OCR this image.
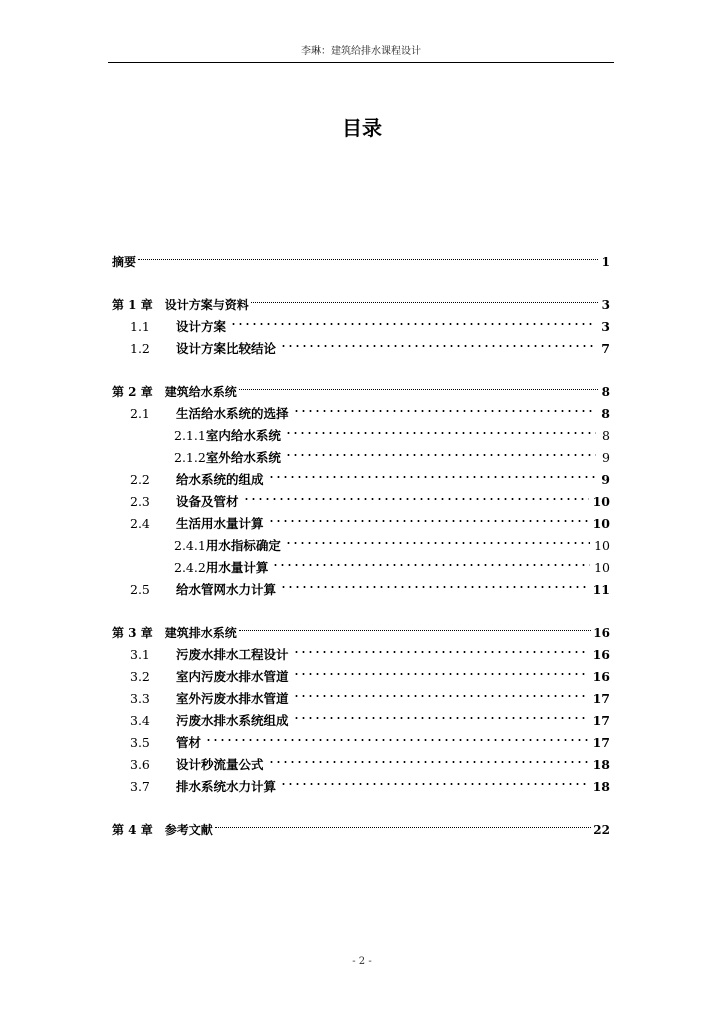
李琳：建筑给排水课程设计
目录
摘要	1
第 1 章 设计方案与资料	3
1.1	设计方案	3
1.2	设计方案比较结论	7
第 2 章 建筑给水系统	8
2.1	生活给水系统的选择	8
2.1.1 室内给水系统	8
2.1.2 室外给水系统	9
2.2	给水系统的组成	9
2.3	设备及管材	10
2.4	生活用水量计算	10
2.4.1 用水指标确定	10
2.4.2 用水量计算	10
2.5	给水管网水力计算	11
第 3 章 建筑排水系统	16
3.1	污废水排水工程设计	16
3.2	室内污废水排水管道	16
3.3	室外污废水排水管道	17
3.4	污废水排水系统组成	17
3.5	管材	17
3.6	设计秒流量公式	18
3.7	排水系统水力计算	18
第 4 章 参考文献	22
- 2 -
